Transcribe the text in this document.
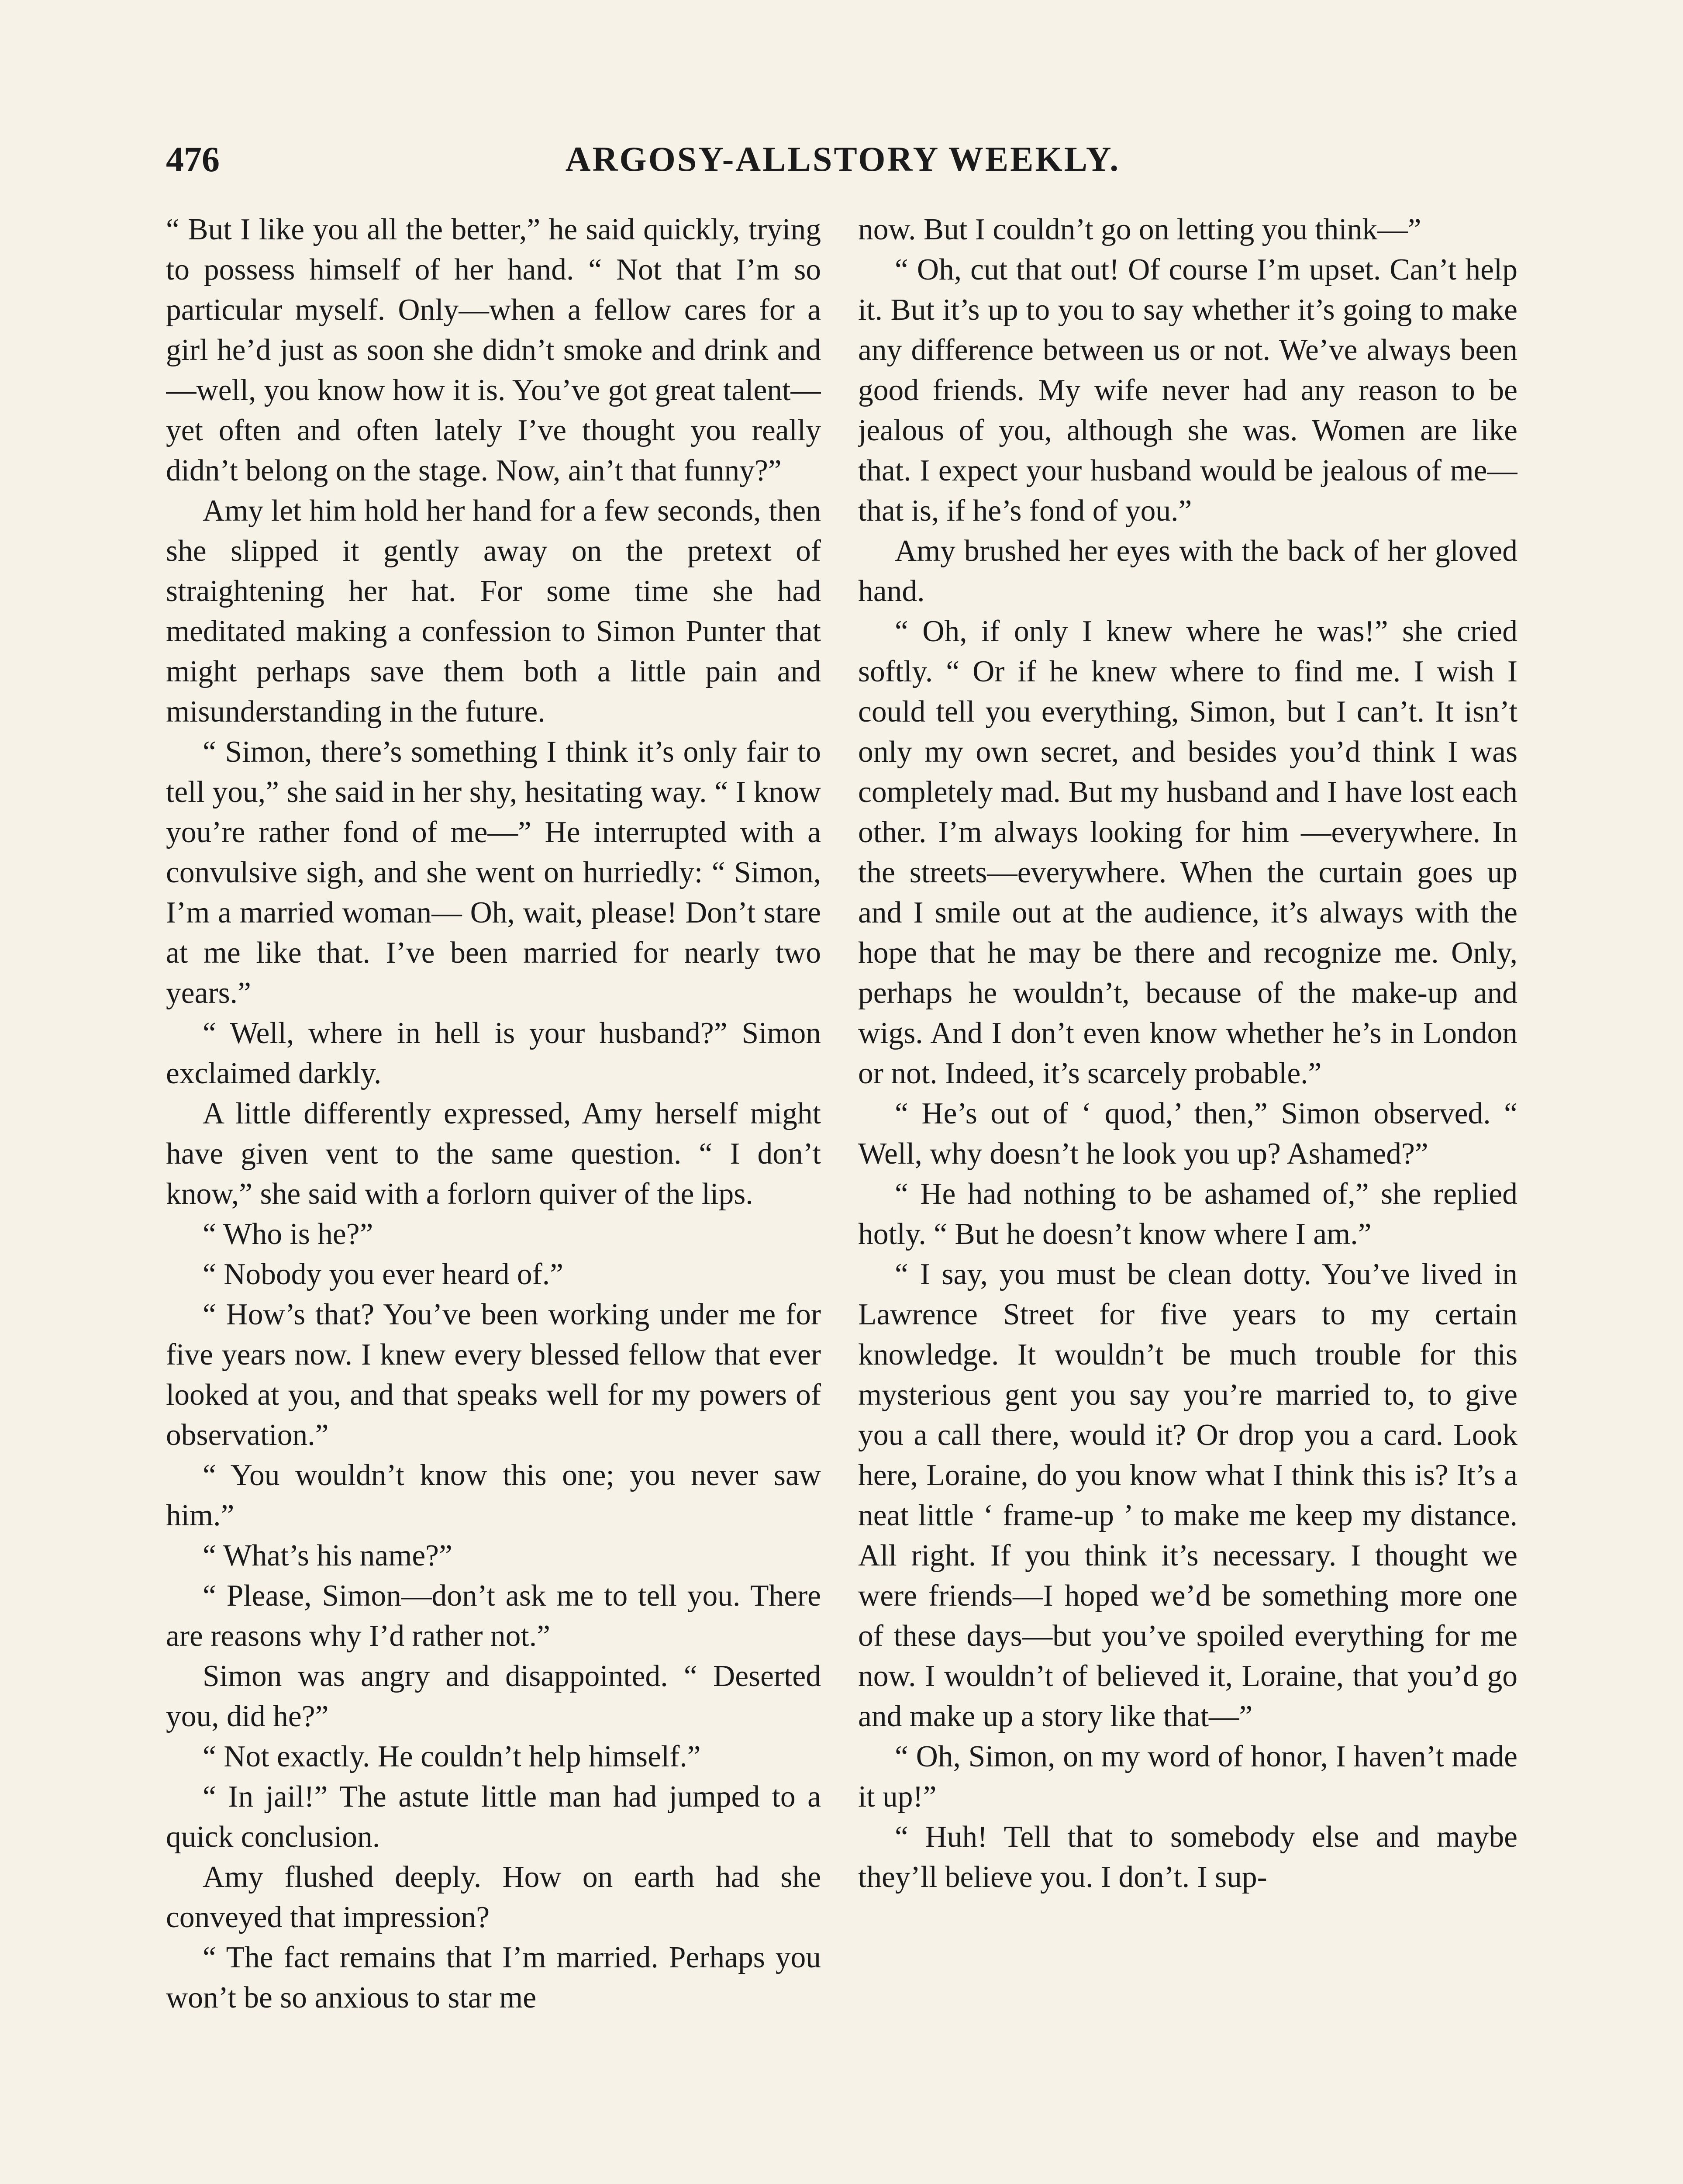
476	ARGOSY-ALLSTORY WEEKLY.

“ But I like you all the better,” he said quickly, trying to possess himself of her hand. “ Not that I’m so particular myself. Only—when a fellow cares for a girl he’d just as soon she didn’t smoke and drink and—well, you know how it is. You’ve got great talent—yet often and often lately I’ve thought you really didn’t belong on the stage. Now, ain’t that funny?”

Amy let him hold her hand for a few seconds, then she slipped it gently away on the pretext of straightening her hat. For some time she had meditated making a confession to Simon Punter that might perhaps save them both a little pain and misunderstanding in the future.

“ Simon, there’s something I think it’s only fair to tell you,” she said in her shy, hesitating way. “ I know you’re rather fond of me—” He interrupted with a convulsive sigh, and she went on hurriedly: “ Simon, I’m a married woman— Oh, wait, please! Don’t stare at me like that. I’ve been married for nearly two years.”

“ Well, where in hell is your husband?” Simon exclaimed darkly.

A little differently expressed, Amy herself might have given vent to the same question. “ I don’t know,” she said with a forlorn quiver of the lips.

“ Who is he?”

“ Nobody you ever heard of.”

“ How’s that? You’ve been working under me for five years now. I knew every blessed fellow that ever looked at you, and that speaks well for my powers of observation.”

“ You wouldn’t know this one; you never saw him.”

“ What’s his name?”

“ Please, Simon—don’t ask me to tell you. There are reasons why I’d rather not.”

Simon was angry and disappointed. “ Deserted you, did he?”

“ Not exactly. He couldn’t help himself.”

“ In jail!” The astute little man had jumped to a quick conclusion.

Amy flushed deeply. How on earth had she conveyed that impression?

“ The fact remains that I’m married. Perhaps you won’t be so anxious to star me

now. But I couldn’t go on letting you think—”

“ Oh, cut that out! Of course I’m upset. Can’t help it. But it’s up to you to say whether it’s going to make any difference between us or not. We’ve always been good friends. My wife never had any reason to be jealous of you, although she was. Women are like that. I expect your husband would be jealous of me—that is, if he’s fond of you.”

Amy brushed her eyes with the back of her gloved hand.

“ Oh, if only I knew where he was!” she cried softly. “ Or if he knew where to find me. I wish I could tell you everything, Simon, but I can’t. It isn’t only my own secret, and besides you’d think I was completely mad. But my husband and I have lost each other. I’m always looking for him —everywhere. In the streets—everywhere. When the curtain goes up and I smile out at the audience, it’s always with the hope that he may be there and recognize me. Only, perhaps he wouldn’t, because of the make-up and wigs. And I don’t even know whether he’s in London or not. Indeed, it’s scarcely probable.”

“ He’s out of ‘ quod,’ then,” Simon observed. “ Well, why doesn’t he look you up? Ashamed?”

“ He had nothing to be ashamed of,” she replied hotly. “ But he doesn’t know where I am.”

“ I say, you must be clean dotty. You’ve lived in Lawrence Street for five years to my certain knowledge. It wouldn’t be much trouble for this mysterious gent you say you’re married to, to give you a call there, would it? Or drop you a card. Look here, Loraine, do you know what I think this is? It’s a neat little ‘ frame-up ’ to make me keep my distance. All right. If you think it’s necessary. I thought we were friends—I hoped we’d be something more one of these days—but you’ve spoiled everything for me now. I wouldn’t of believed it, Loraine, that you’d go and make up a story like that—”

“ Oh, Simon, on my word of honor, I haven’t made it up!”

“ Huh! Tell that to somebody else and maybe they’ll believe you. I don’t. I sup-
